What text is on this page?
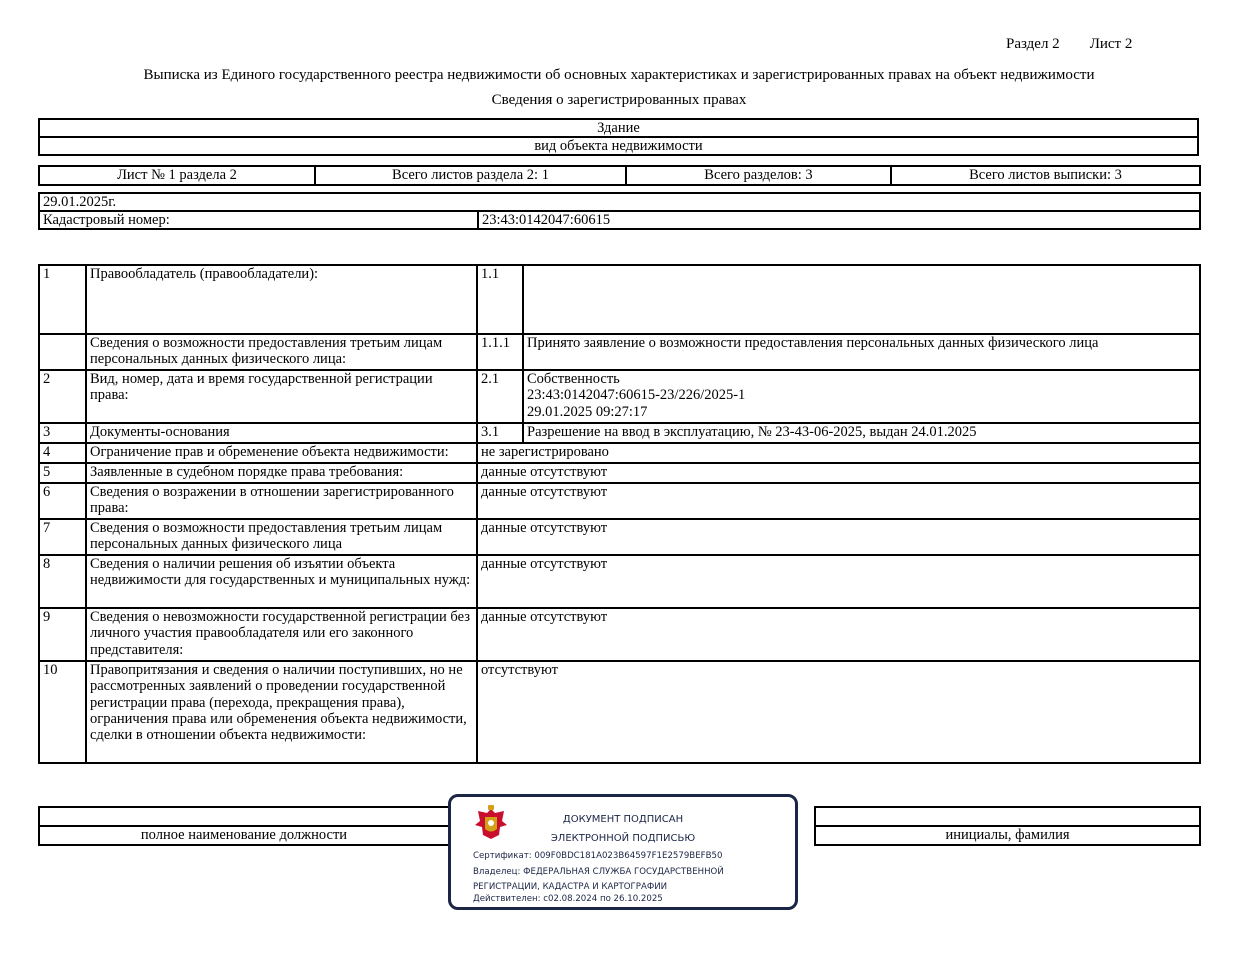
Раздел 2 Лист 2
Выписка из Единого государственного реестра недвижимости об основных характеристиках и зарегистрированных правах на объект недвижимости
Сведения о зарегистрированных правах
Здание
вид объекта недвижимости
Лист № 1 раздела 2	Всего листов раздела 2: 1	Всего разделов: 3	Всего листов выписки: 3
29.01.2025г.
Кадастровый номер:	23:43:0142047:60615
1	Правообладатель (правообладатели):	1.1	
	Сведения о возможности предоставления третьим лицам персональных данных физического лица:	1.1.1	Принято заявление о возможности предоставления персональных данных физического лица
2	Вид, номер, дата и время государственной регистрации права:	2.1	Собственность
23:43:0142047:60615-23/226/2025-1
29.01.2025 09:27:17

3	Документы-основания	3.1	Разрешение на ввод в эксплуатацию, № 23-43-06-2025, выдан 24.01.2025
4	Ограничение прав и обременение объекта недвижимости:	не зарегистрировано	
5	Заявленные в судебном порядке права требования:	данные отсутствуют	
6	Сведения о возражении в отношении зарегистрированного права:	данные отсутствуют	
7	Сведения о возможности предоставления третьим лицам персональных данных физического лица	данные отсутствуют	
8	Сведения о наличии решения об изъятии объекта недвижимости для государственных и муниципальных нужд:	данные отсутствуют	
9	Сведения о невозможности государственной регистрации без личного участия правообладателя или его законного представителя:	данные отсутствуют	
10	Правопритязания и сведения о наличии поступивших, но не рассмотренных заявлений о проведении государственной регистрации права (перехода, прекращения права), ограничения права или обременения объекта недвижимости, сделки в отношении объекта недвижимости:	отсутствуют	

полное наименование должности		инициалы, фамилия
ДОКУМЕНТ ПОДПИСАН
ЭЛЕКТРОННОЙ ПОДПИСЬЮ
Сертификат: 009F0BDC181A023B64597F1E2579BEFB50
Владелец: ФЕДЕРАЛЬНАЯ СЛУЖБА ГОСУДАРСТВЕННОЙ
РЕГИСТРАЦИИ, КАДАСТРА И КАРТОГРАФИИ
Действителен: с02.08.2024 по 26.10.2025
